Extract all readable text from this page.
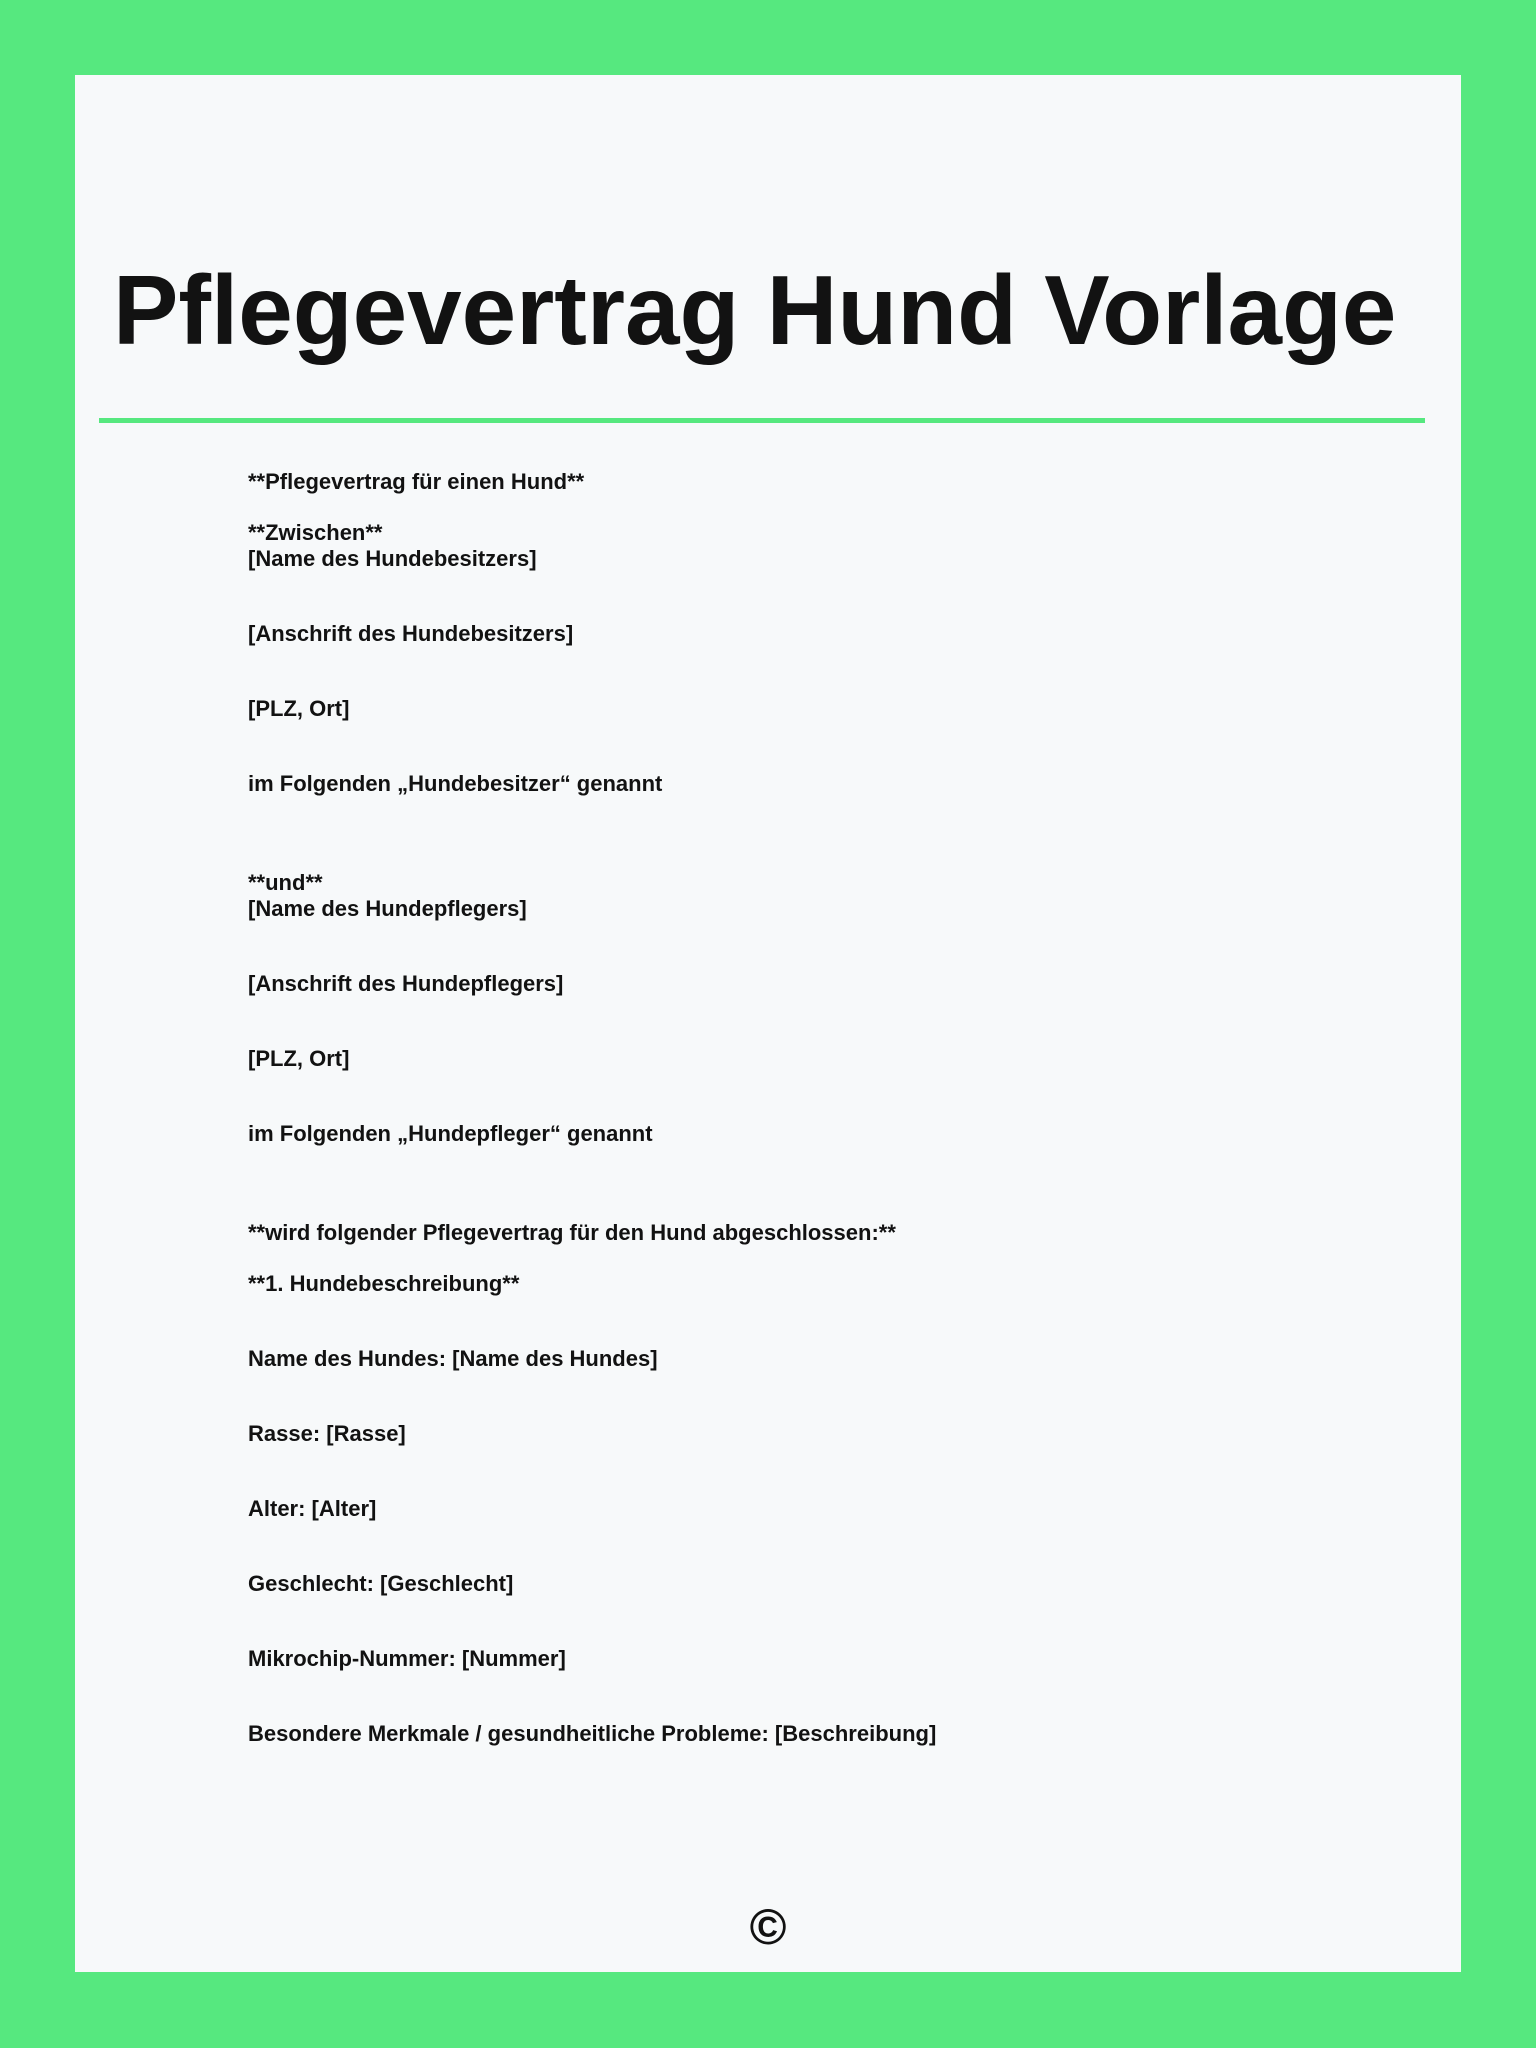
Pflegevertrag Hund Vorlage

**Pflegevertrag für einen Hund**

**Zwischen**
[Name des Hundebesitzers]

[Anschrift des Hundebesitzers]

[PLZ, Ort]

im Folgenden „Hundebesitzer“ genannt

**und**
[Name des Hundepflegers]

[Anschrift des Hundepflegers]

[PLZ, Ort]

im Folgenden „Hundepfleger“ genannt

**wird folgender Pflegevertrag für den Hund abgeschlossen:**

**1. Hundebeschreibung**

Name des Hundes: [Name des Hundes]

Rasse: [Rasse]

Alter: [Alter]

Geschlecht: [Geschlecht]

Mikrochip-Nummer: [Nummer]

Besondere Merkmale / gesundheitliche Probleme: [Beschreibung]

©
